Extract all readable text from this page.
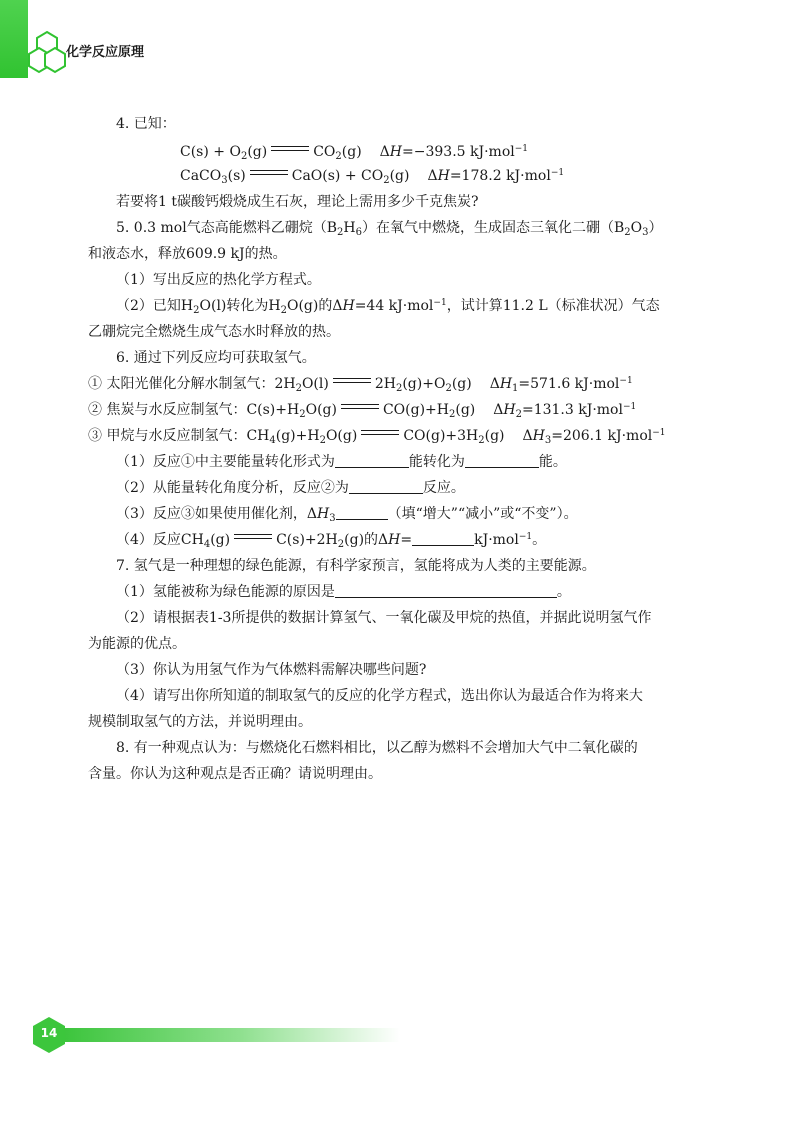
化学反应原理
4. 已知：
$C(s) + O_2(g)$	$CO_2(g)$ ΔH=−393.5 kJ·mol$^{-1}$
CaCO$_3$(s)	$CaO(s) + CO_2(g)$ ΔH=178.2 kJ·mol$^{-1}$
若要将1 t碳酸钙煅烧成生石灰，理论上需用多少千克焦炭?
5. 0.3 mol气态高能燃料乙硼烷$(B_2H_6)$在氧气中燃烧，生成固态三氧化二硼$(B_2O_3)$
和液态水，释放609.9 kJ的热。
（1）写出反应的热化学方程式。
（2）已知$H_2O(l)$转化为$H_2O(g)$的ΔH=44 kJ·mol$^{-1}$，试计算11.2 L（标准状况）气态
乙硼烷完全燃烧生成气态水时释放的热。
6. 通过下列反应均可获取氢气。
① 太阳光催化分解水制氢气：$2H_2O(l)$	$2H_2(g)+O_2(g)$ $\Delta H_1=571.6$ kJ·mol$^{-1}$
② 焦炭与水反应制氢气：$C(s)+H_2O(g)$	$CO(g)+H_2(g)$ $\Delta H_2=131.3$ kJ·mol$^{-1}$
③ 甲烷与水反应制氢气：$CH_4(g)+H_2O(g)$	$CO(g)+3H_2(g)$ $\Delta H_3=206.1$ kJ·mol$^{-1}$
（1）反应①中主要能量转化形式为	能转化为	能。
（2）从能量转化角度分析，反应②为	反应。
（3）反应③如果使用催化剂，$\Delta H_3$	（填“增大”“减小”或“不变”）。
（4）反应$CH_4(g)$	$C(s)+2H_2(g)$的ΔH=	kJ·mol$^{-1}$。
7. 氢气是一种理想的绿色能源，有科学家预言，氢能将成为人类的主要能源。
（1）氢能被称为绿色能源的原因是	。
（2）请根据表1-3所提供的数据计算氢气、一氧化碳及甲烷的热值，并据此说明氢气作
为能源的优点。
（3）你认为用氢气作为气体燃料需解决哪些问题?
（4）请写出你所知道的制取氢气的反应的化学方程式，选出你认为最适合作为将来大
规模制取氢气的方法，并说明理由。
8. 有一种观点认为：与燃烧化石燃料相比，以乙醇为燃料不会增加大气中二氧化碳的
含量。你认为这种观点是否正确？请说明理由。
14
